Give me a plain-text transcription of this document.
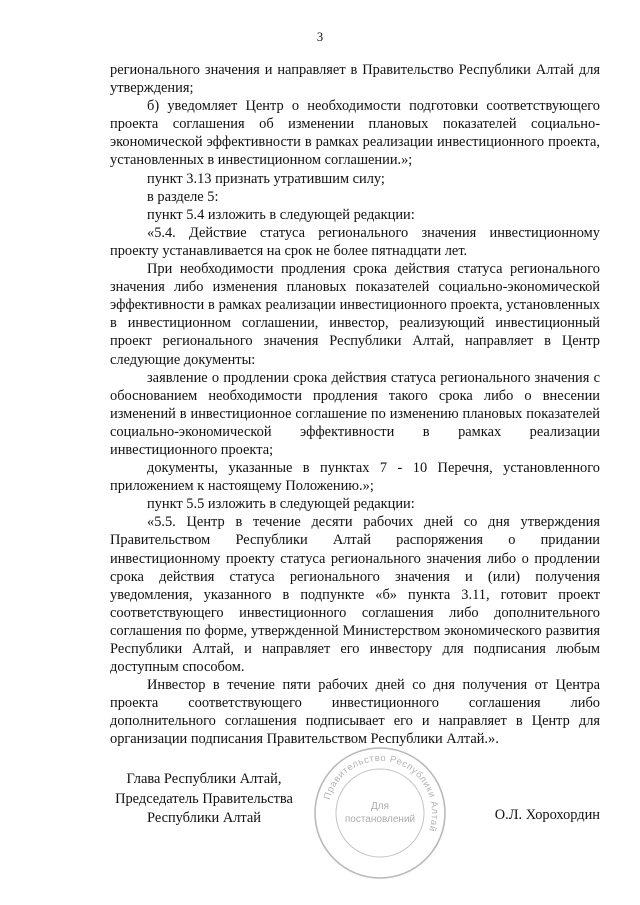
3

регионального значения и направляет в Правительство Республики Алтай для утверждения;

б) уведомляет Центр о необходимости подготовки соответствующего проекта соглашения об изменении плановых показателей социально-экономической эффективности в рамках реализации инвестиционного проекта, установленных в инвестиционном соглашении.»;

пункт 3.13 признать утратившим силу;

в разделе 5:

пункт 5.4 изложить в следующей редакции:

«5.4. Действие статуса регионального значения инвестиционному проекту устанавливается на срок не более пятнадцати лет.

При необходимости продления срока действия статуса регионального значения либо изменения плановых показателей социально-экономической эффективности в рамках реализации инвестиционного проекта, установленных в инвестиционном соглашении, инвестор, реализующий инвестиционный проект регионального значения Республики Алтай, направляет в Центр следующие документы:

заявление о продлении срока действия статуса регионального значения с обоснованием необходимости продления такого срока либо о внесении изменений в инвестиционное соглашение по изменению плановых показателей социально-экономической эффективности в рамках реализации инвестиционного проекта;

документы, указанные в пунктах 7 - 10 Перечня, установленного приложением к настоящему Положению.»;

пункт 5.5 изложить в следующей редакции:

«5.5. Центр в течение десяти рабочих дней со дня утверждения Правительством Республики Алтай распоряжения о придании инвестиционному проекту статуса регионального значения либо о продлении срока действия статуса регионального значения и (или) получения уведомления, указанного в подпункте «б» пункта 3.11, готовит проект соответствующего инвестиционного соглашения либо дополнительного соглашения по форме, утвержденной Министерством экономического развития Республики Алтай, и направляет его инвестору для подписания любым доступным способом.

Инвестор в течение пяти рабочих дней со дня получения от Центра проекта соответствующего инвестиционного соглашения либо дополнительного соглашения подписывает его и направляет в Центр для организации подписания Правительством Республики Алтай.».

Глава Республики Алтай,
Председатель Правительства
Республики Алтай
Правительство Республики Алтай
Для
постановлений	О.Л. Хорохордин
